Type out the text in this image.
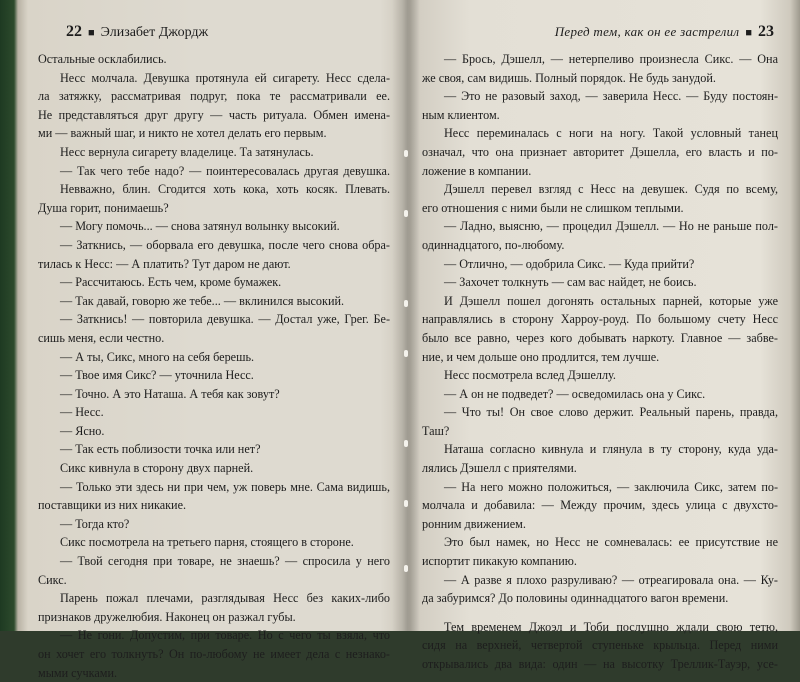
22 ■ Элизабет Джордж
Остальные осклабились.
Несс молчала. Девушка протянула ей сигарету. Несс сдела-
ла затяжку, рассматривая подруг, пока те рассматривали ее.
Не представляться друг другу — часть ритуала. Обмен имена-
ми — важный шаг, и никто не хотел делать его первым.
Несс вернула сигарету владелице. Та затянулась.
— Так чего тебе надо? — поинтересовалась другая девушка.
Невважно, блин. Сгодится хоть кока, хоть косяк. Плевать.
Душа горит, понимаешь?
— Могу помочь... — снова затянул волынку высокий.
— Заткнись, — оборвала его девушка, после чего снова обра-
тилась к Несс: — А платить? Тут даром не дают.
— Рассчитаюсь. Есть чем, кроме бумажек.
— Так давай, говорю же тебе... — вклинился высокий.
— Заткнись! — повторила девушка. — Достал уже, Грег. Бе-
сишь меня, если честно.
— А ты, Сикс, много на себя берешь.
— Твое имя Сикс? — уточнила Несс.
— Точно. А это Наташа. А тебя как зовут?
— Несс.
— Ясно.
— Так есть поблизости точка или нет?
Сикс кивнула в сторону двух парней.
— Только эти здесь ни при чем, уж поверь мне. Сама видишь,
поставщики из них никакие.
— Тогда кто?
Сикс посмотрела на третьего парня, стоящего в стороне.
— Твой сегодня при товаре, не знаешь? — спросила у него
Сикс.
Парень пожал плечами, разглядывая Несс без каких-либо
признаков дружелюбия. Наконец он разжал губы.
— Не гони. Допустим, при товаре. Но с чего ты взяла, что
он хочет его толкнуть? Он по-любому не имеет дела с незнако-
мыми сучками.
Перед тем, как он ее застрелил ■ 23
— Брось, Дэшелл, — нетерпеливо произнесла Сикс. — Она
же своя, сам видишь. Полный порядок. Не будь занудой.
— Это не разовый заход, — заверила Несс. — Буду постоян-
ным клиентом.
Несс переминалась с ноги на ногу. Такой условный танец
означал, что она признает авторитет Дэшелла, его власть и по-
ложение в компании.
Дэшелл перевел взгляд с Несс на девушек. Судя по всему,
его отношения с ними были не слишком теплыми.
— Ладно, выясню, — процедил Дэшелл. — Но не раньше пол-
одиннадцатого, по-любому.
— Отлично, — одобрила Сикс. — Куда прийти?
— Захочет толкнуть — сам вас найдет, не боись.
И Дэшелл пошел догонять остальных парней, которые уже
направлялись в сторону Харроу-роуд. По большому счету Несс
было все равно, через кого добывать наркоту. Главное — забве-
ние, и чем дольше оно продлится, тем лучше.
Несс посмотрела вслед Дэшеллу.
— А он не подведет? — осведомилась она у Сикс.
— Что ты! Он свое слово держит. Реальный парень, правда,
Таш?
Наташа согласно кивнула и глянула в ту сторону, куда уда-
лялись Дэшелл с приятелями.
— На него можно положиться, — заключила Сикс, затем по-
молчала и добавила: — Между прочим, здесь улица с двухсто-
ронним движением.
Это был намек, но Несс не сомневалась: ее присутствие не
испортит пикакую компанию.
— А разве я плохо разруливаю? — отреагировала она. — Ку-
да забуримся? До половины одиннадцатого вагон времени.
Тем временем Джоэл и Тоби послушно ждали свою тетю,
сидя на верхней, четвертой ступеньке крыльца. Перед ними
открывались два вида: один — на высотку Треллик-Тауэр, усе-
